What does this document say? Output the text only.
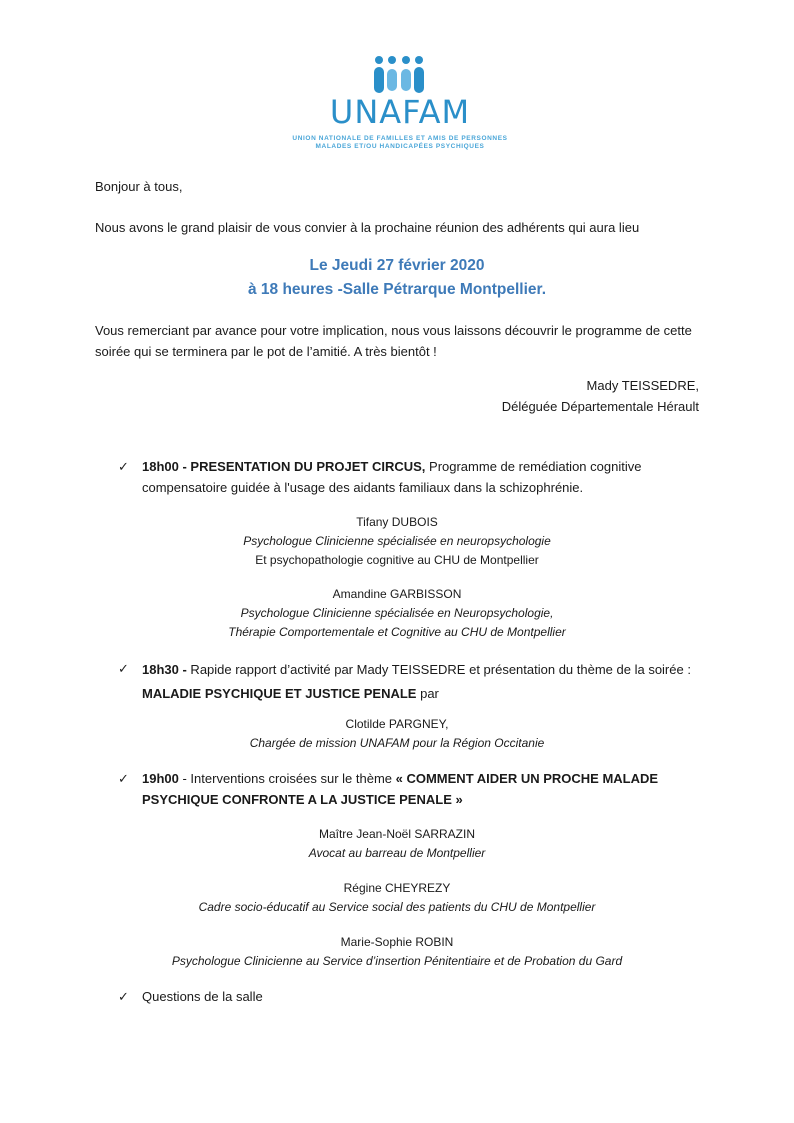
UNAFAM
UNION NATIONALE DE FAMILLES ET AMIS DE PERSONNES
MALADES ET/OU HANDICAPÉES PSYCHIQUES
Bonjour à tous,
Nous avons le grand plaisir de vous convier à la prochaine réunion des adhérents qui aura lieu
Le Jeudi 27 février 2020
à 18 heures -Salle Pétrarque Montpellier.
Vous remerciant par avance pour votre implication, nous vous laissons découvrir le programme de cette soirée qui se terminera par le pot de l’amitié. A très bientôt !
Mady TEISSEDRE,
Déléguée Départementale Hérault
✓	18h00 - PRESENTATION DU PROJET CIRCUS, Programme de remédiation cognitive compensatoire guidée à l'usage des aidants familiaux dans la schizophrénie.
Tifany DUBOIS
Psychologue Clinicienne spécialisée en neuropsychologie
Et psychopathologie cognitive au CHU de Montpellier
Amandine GARBISSON
Psychologue Clinicienne spécialisée en Neuropsychologie,
Thérapie Comportementale et Cognitive au CHU de Montpellier
✓	18h30 - Rapide rapport d’activité par Mady TEISSEDRE et présentation du thème de la soirée : MALADIE PSYCHIQUE ET JUSTICE PENALE par
Clotilde PARGNEY,
Chargée de mission UNAFAM pour la Région Occitanie
✓	19h00 - Interventions croisées sur le thème « COMMENT AIDER UN PROCHE MALADE PSYCHIQUE CONFRONTE A LA JUSTICE PENALE »
Maître Jean-Noël SARRAZIN
Avocat au barreau de Montpellier
Régine CHEYREZY
Cadre socio-éducatif au Service social des patients du CHU de Montpellier
Marie-Sophie ROBIN
Psychologue Clinicienne au Service d’insertion Pénitentiaire et de Probation du Gard
✓	Questions de la salle
